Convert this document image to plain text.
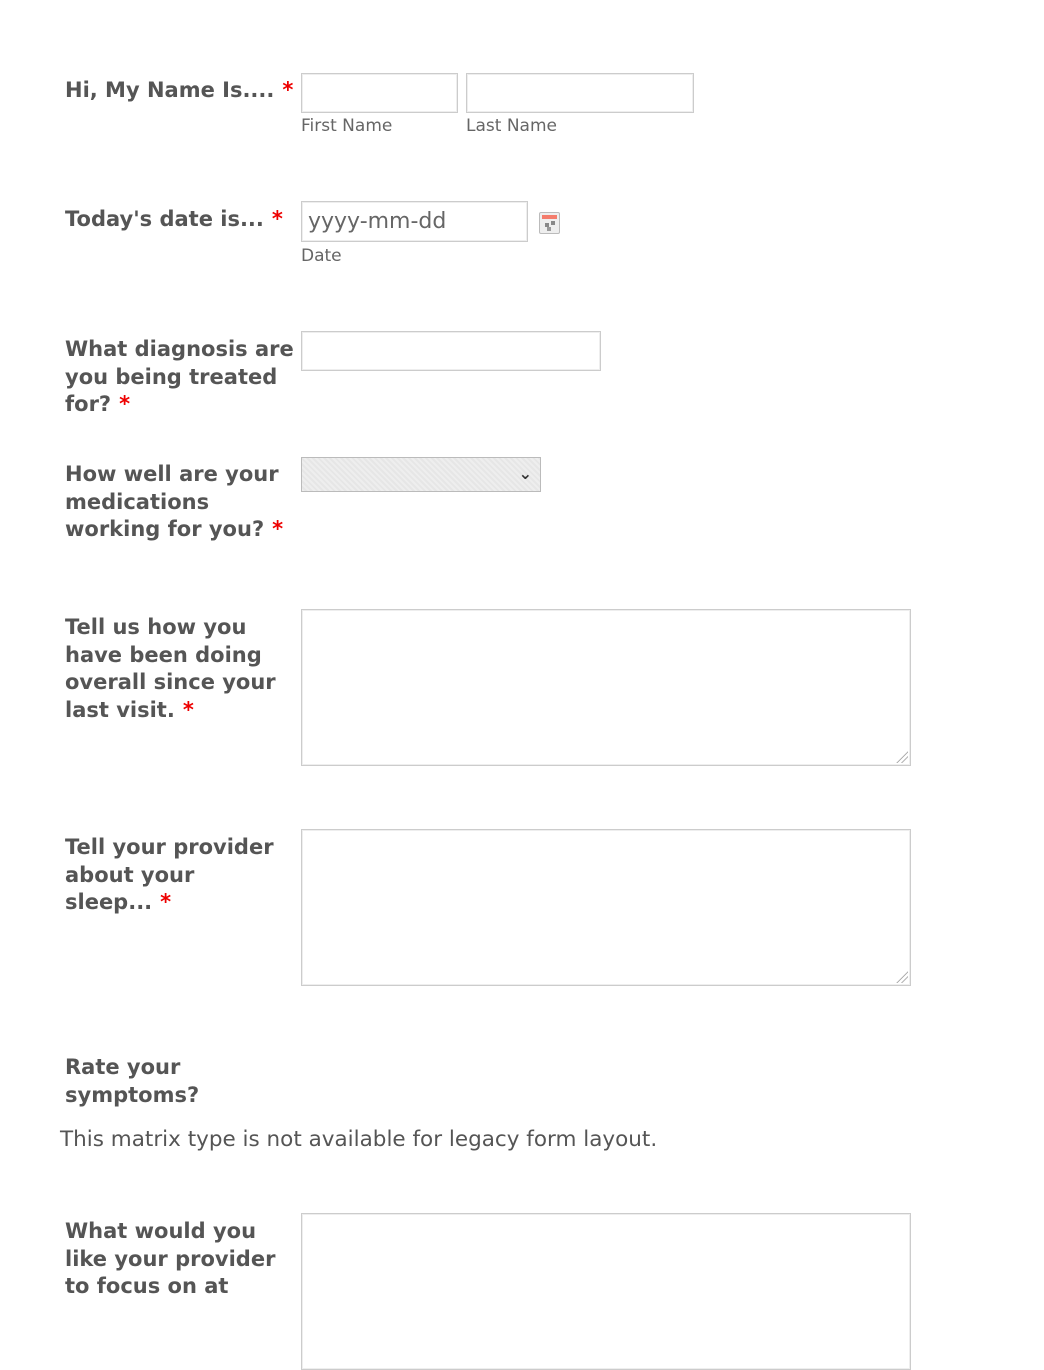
Hi, My Name Is.... *
First Name	Last Name
Today's date is... *
yyyy-mm-dd
Date
What diagnosis are you being treated for? *
How well are your medications working for you? *
⌄
Tell us how you have been doing overall since your last visit. *
Tell your provider about your sleep... *
Rate your symptoms?
This matrix type is not available for legacy form layout.
What would you like your provider to focus on at
